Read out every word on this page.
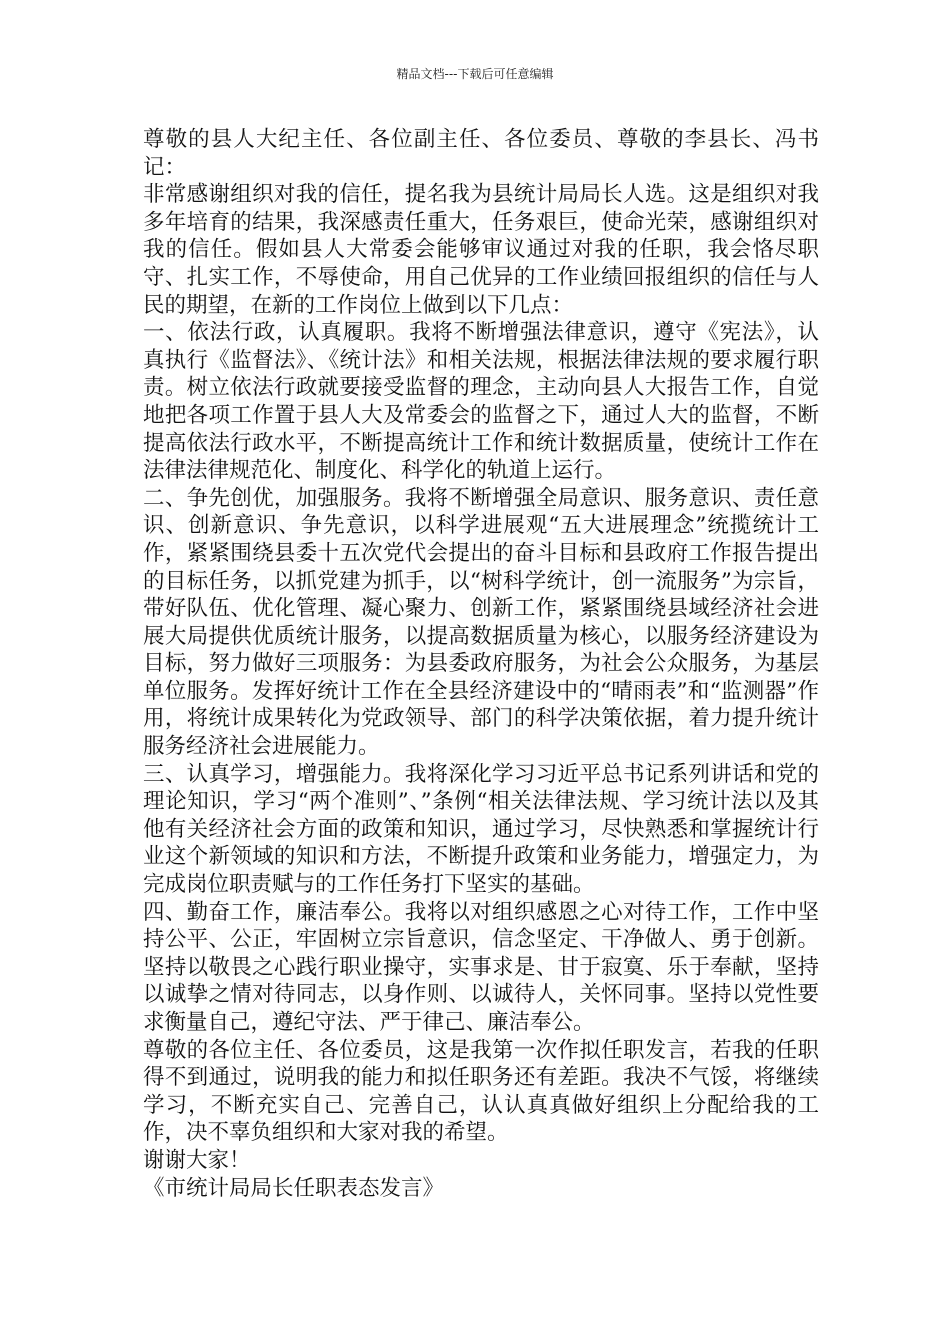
精品文档---下载后可任意编辑

尊敬的县人大纪主任、各位副主任、各位委员、尊敬的李县长、冯书记：

非常感谢组织对我的信任，提名我为县统计局局长人选。这是组织对我多年培育的结果，我深感责任重大，任务艰巨，使命光荣，感谢组织对我的信任。假如县人大常委会能够审议通过对我的任职，我会恪尽职守、扎实工作，不辱使命，用自己优异的工作业绩回报组织的信任与人民的期望，在新的工作岗位上做到以下几点：

一、依法行政，认真履职。我将不断增强法律意识，遵守《宪法》，认真执行《监督法》、《统计法》和相关法规，根据法律法规的要求履行职责。树立依法行政就要接受监督的理念，主动向县人大报告工作，自觉地把各项工作置于县人大及常委会的监督之下，通过人大的监督，不断提高依法行政水平，不断提高统计工作和统计数据质量，使统计工作在法律法律规范化、制度化、科学化的轨道上运行。

二、争先创优，加强服务。我将不断增强全局意识、服务意识、责任意识、创新意识、争先意识，以科学进展观“五大进展理念”统揽统计工作，紧紧围绕县委十五次党代会提出的奋斗目标和县政府工作报告提出的目标任务，以抓党建为抓手，以“树科学统计，创一流服务”为宗旨，带好队伍、优化管理、凝心聚力、创新工作，紧紧围绕县域经济社会进展大局提供优质统计服务，以提高数据质量为核心，以服务经济建设为目标，努力做好三项服务：为县委政府服务，为社会公众服务，为基层单位服务。发挥好统计工作在全县经济建设中的“晴雨表”和“监测器”作用，将统计成果转化为党政领导、部门的科学决策依据，着力提升统计服务经济社会进展能力。

三、认真学习，增强能力。我将深化学习习近平总书记系列讲话和党的理论知识，学习“两个准则”、”条例“相关法律法规、学习统计法以及其他有关经济社会方面的政策和知识，通过学习，尽快熟悉和掌握统计行业这个新领域的知识和方法，不断提升政策和业务能力，增强定力，为完成岗位职责赋与的工作任务打下坚实的基础。

四、勤奋工作，廉洁奉公。我将以对组织感恩之心对待工作，工作中坚持公平、公正，牢固树立宗旨意识，信念坚定、干净做人、勇于创新。坚持以敬畏之心践行职业操守，实事求是、甘于寂寞、乐于奉献，坚持以诚挚之情对待同志，以身作则、以诚待人，关怀同事。坚持以党性要求衡量自己，遵纪守法、严于律己、廉洁奉公。

尊敬的各位主任、各位委员，这是我第一次作拟任职发言，若我的任职得不到通过，说明我的能力和拟任职务还有差距。我决不气馁，将继续学习，不断充实自己、完善自己，认认真真做好组织上分配给我的工作，决不辜负组织和大家对我的希望。

谢谢大家！

《市统计局局长任职表态发言》
